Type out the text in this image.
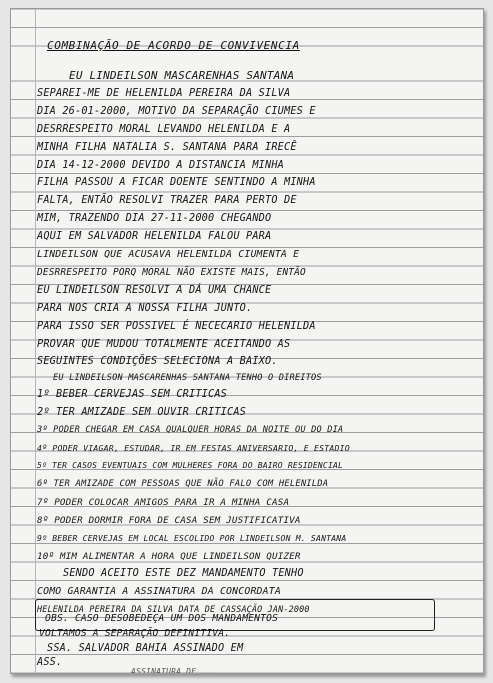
COMBINAÇÃO DE ACORDO DE CONVIVENCIA
EU LINDEILSON MASCARENHAS SANTANA
SEPAREI-ME DE HELENILDA PEREIRA DA SILVA
DIA 26-01-2000, MOTIVO DA SEPARAÇÃO CIUMES E
DESRRESPEITO MORAL LEVANDO HELENILDA E A
MINHA FILHA NATALIA S. SANTANA PARA IRECÊ
DIA 14-12-2000 DEVIDO A DISTANCIA MINHA
FILHA PASSOU A FICAR DOENTE SENTINDO A MINHA
FALTA, ENTÃO RESOLVI TRAZER PARA PERTO DE
MIM, TRAZENDO DIA 27-11-2000 CHEGANDO
AQUI EM SALVADOR HELENILDA FALOU PARA
LINDEILSON QUE ACUSAVA HELENILDA CIUMENTA E
DESRRESPEITO PORQ MORAL NÃO EXISTE MAIS, ENTÃO
EU LINDEILSON RESOLVI A DÁ UMA CHANCE
PARA NOS CRIA A NOSSA FILHA JUNTO.
PARA ISSO SER POSSIVEL É NECECARIO HELENILDA
PROVAR QUE MUDOU TOTALMENTE ACEITANDO AS
SEGUINTES CONDIÇÕES SELECIONA A BAIXO.
EU LINDEILSON MASCARENHAS SANTANA TENHO O DIREITOS
1º BEBER CERVEJAS SEM CRITICAS
2º TER AMIZADE SEM OUVIR CRITICAS
3º PODER CHEGAR EM CASA QUALQUER HORAS DA NOITE OU DO DIA
4º PODER VIAGAR, ESTUDAR, IR EM FESTAS ANIVERSARIO, E ESTADIO
5º TER CASOS EVENTUAIS COM MULHERES FORA DO BAIRO RESIDENCIAL
6º TER AMIZADE COM PESSOAS QUE NÃO FALO COM HELENILDA
7º PODER COLOCAR AMIGOS PARA IR A MINHA CASA
8º PODER DORMIR FORA DE CASA SEM JUSTIFICATIVA
9º BEBER CERVEJAS EM LOCAL ESCOLIDO POR LINDEILSON M. SANTANA
10º MIM ALIMENTAR A HORA QUE LINDEILSON QUIZER
SENDO ACEITO ESTE DEZ MANDAMENTO TENHO
COMO GARANTIA A ASSINATURA DA CONCORDATA
HELENILDA PEREIRA DA SILVA DATA DE CASSAÇÃO JAN-2000
OBS. CASO DESOBEDEÇA UM DOS MANDAMENTOS
VOLTAMOS A SEPARAÇÃO DEFINITIVA.
SSA. SALVADOR BAHIA ASSINADO EM
ASS.
ASSINATURA DE ...
